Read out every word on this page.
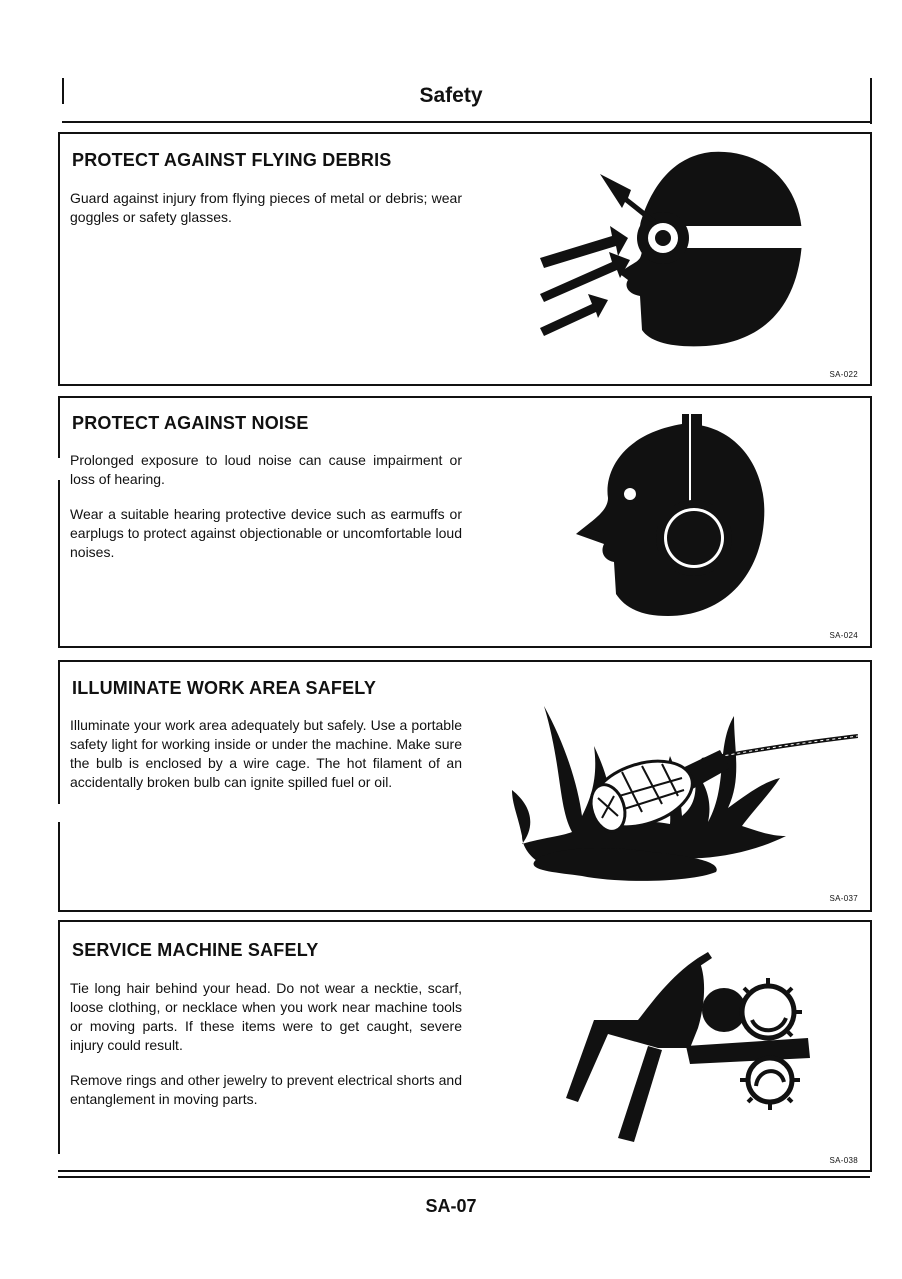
Safety
PROTECT AGAINST FLYING DEBRIS

Guard against injury from flying pieces of metal or debris; wear goggles or safety glasses.

SA-022
PROTECT AGAINST NOISE

Prolonged exposure to loud noise can cause impairment or loss of hearing.

Wear a suitable hearing protective device such as earmuffs or earplugs to protect against objectionable or uncomfortable loud noises.

SA-024
ILLUMINATE WORK AREA SAFELY

Illuminate your work area adequately but safely. Use a portable safety light for working inside or under the machine. Make sure the bulb is enclosed by a wire cage. The hot filament of an accidentally broken bulb can ignite spilled fuel or oil.

SA-037
SERVICE MACHINE SAFELY

Tie long hair behind your head. Do not wear a necktie, scarf, loose clothing, or necklace when you work near machine tools or moving parts. If these items were to get caught, severe injury could result.

Remove rings and other jewelry to prevent electrical shorts and entanglement in moving parts.

SA-038
SA-07
